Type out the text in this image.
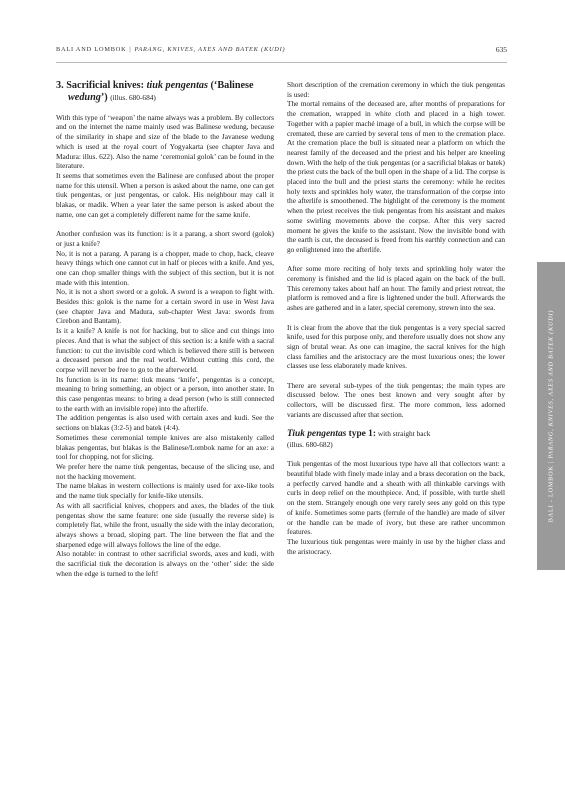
BALI AND LOMBOK | PARANG, KNIVES, AXES AND BATEK (KUDI)	635
3. Sacrificial knives: tiuk pengentas (‘Balinese wedung’) (illus. 680-684)

With this type of ‘weapon’ the name always was a problem. By collectors and on the internet the name mainly used was Balinese wedung, because of the similarity in shape and size of the blade to the Javanese wedung which is used at the royal court of Yogyakarta (see chapter Java and Madura: illus. 622). Also the name ‘ceremonial golok’ can be found in the literature.

It seems that sometimes even the Balinese are confused about the proper name for this utensil. When a person is asked about the name, one can get tiuk pengentas, or just pengentas, or calok. His neighbour may call it blakas, or madik. When a year later the same person is asked about the name, one can get a completely different name for the same knife.

Another confusion was its function: is it a parang, a short sword (golok) or just a knife?

No, it is not a parang. A parang is a chopper, made to chop, hack, cleave heavy things which one cannot cut in half or pieces with a knife. And yes, one can chop smaller things with the subject of this section, but it is not made with this intention.

No, it is not a short sword or a golok. A sword is a weapon to fight with. Besides this: golok is the name for a certain sword in use in West Java (see chapter Java and Madura, sub-chapter West Java: swords from Cirebon and Bantam).

Is it a knife? A knife is not for hacking, but to slice and cut things into pieces. And that is what the subject of this section is: a knife with a sacral function: to cut the invisible cord which is believed there still is between a deceased person and the real world. Without cutting this cord, the corpse will never be free to go to the afterworld.

Its function is in its name: tiuk means ‘knife’, pengentas is a concept, meaning to bring something, an object or a person, into another state. In this case pengentas means: to bring a dead person (who is still connected to the earth with an invisible rope) into the afterlife.

The addition pengentas is also used with certain axes and kudi. See the sections on blakas (3:2-5) and batek (4:4).

Sometimes these ceremonial temple knives are also mistakenly called blakas pengentas, but blakas is the Balinese/Lombok name for an axe: a tool for chopping, not for slicing.

We prefer here the name tiuk pengentas, because of the slicing use, and not the hacking movement.

The name blakas in western collections is mainly used for axe-like tools and the name tiuk specially for knife-like utensils.

As with all sacrificial knives, choppers and axes, the blades of the tiuk pengentas show the same feature: one side (usually the reverse side) is completely flat, while the front, usually the side with the inlay decoration, always shows a broad, sloping part. The line between the flat and the sharpened edge will always follows the line of the edge.

Also notable: in contrast to other sacrificial swords, axes and kudi, with the sacrificial tiuk the decoration is always on the ‘other’ side: the side when the edge is turned to the left!

Short description of the cremation ceremony in which the tiuk pengentas is used:

The mortal remains of the deceased are, after months of preparations for the cremation, wrapped in white cloth and placed in a high tower. Together with a papier maché image of a bull, in which the corpse will be cremated, these are carried by several tens of men to the cremation place. At the cremation place the bull is situated near a platform on which the nearest family of the deceased and the priest and his helper are kneeling down. With the help of the tiuk pengentas (or a sacrificial blakas or batek) the priest cuts the back of the bull open in the shape of a lid. The corpse is placed into the bull and the priest starts the ceremony: while he recites holy texts and sprinkles holy water, the transformation of the corpse into the afterlife is smoothened. The highlight of the ceremony is the moment when the priest receives the tiuk pengentas from his assistant and makes some swirling movements above the corpse. After this very sacred moment he gives the knife to the assistant. Now the invisible bond with the earth is cut, the deceased is freed from his earthly connection and can go enlightened into the afterlife.

After some more reciting of holy texts and sprinkling holy water the ceremony is finished and the lid is placed again on the back of the bull. This ceremony takes about half an hour. The family and priest retreat, the platform is removed and a fire is lightened under the bull. Afterwards the ashes are gathered and in a later, special ceremony, strewn into the sea.

It is clear from the above that the tiuk pengentas is a very special sacred knife, used for this purpose only, and therefore usually does not show any sign of brutal wear. As one can imagine, the sacral knives for the high class families and the aristocracy are the most luxurious ones; the lower classes use less elaborately made knives.

There are several sub-types of the tiuk pengentas; the main types are discussed below. The ones best known and very sought after by collectors, will be discussed first. The more common, less adorned variants are discussed after that section.

Tiuk pengentas type 1: with straight back

(illus. 680-682)

Tiuk pengentas of the most luxurious type have all that collectors want: a beautiful blade with finely made inlay and a brass decoration on the back, a perfectly carved handle and a sheath with all thinkable carvings with curls in deep relief on the mouthpiece. And, if possible, with turtle shell on the stem. Strangely enough one very rarely sees any gold on this type of knife. Sometimes some parts (ferrule of the handle) are made of silver or the handle can be made of ivory, but these are rather uncommon features.

The luxurious tiuk pengentas were mainly in use by the higher class and the aristocracy.

BALI - LOMBOK | PARANG, KNIVES, AXES AND BATEK (KUDI)
